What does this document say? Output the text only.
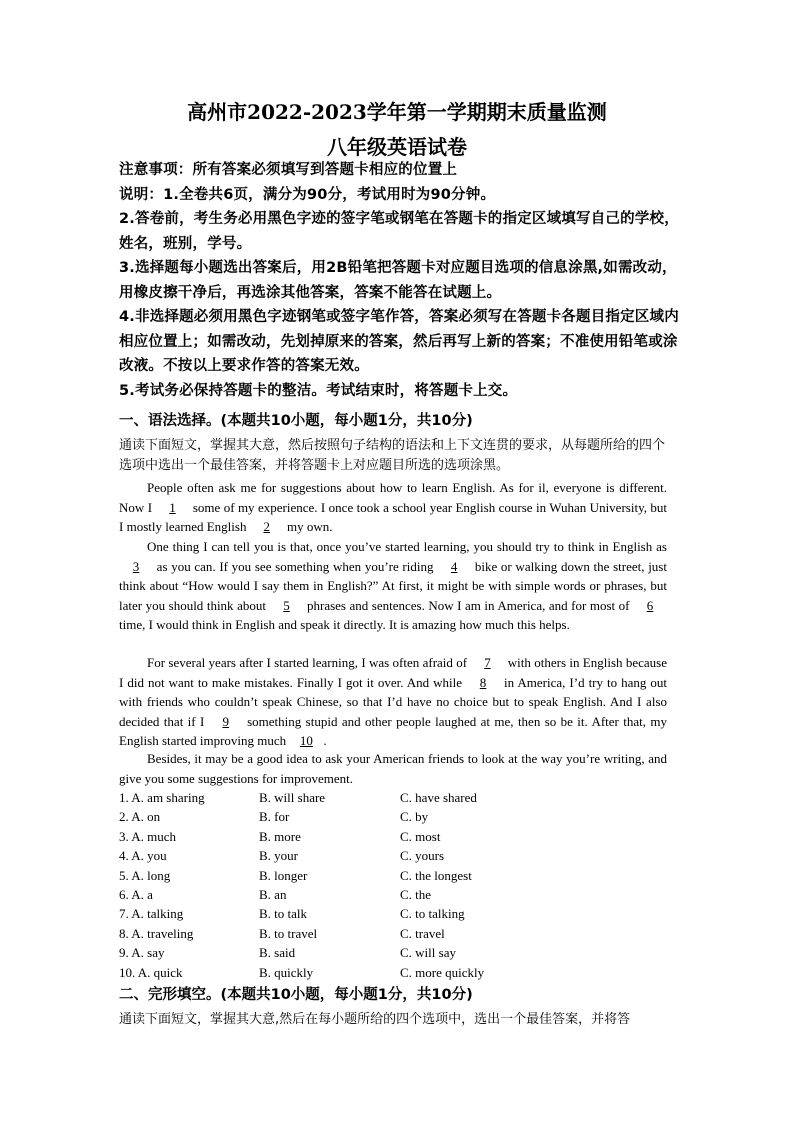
高州市2022-2023学年第一学期期末质量监测
八年级英语试卷
注意事项：所有答案必须填写到答题卡相应的位置上
说明：1.全卷共6页，满分为90分，考试用时为90分钟。
2.答卷前，考生务必用黑色字迹的签字笔或钢笔在答题卡的指定区域填写自己的学校，姓名，班别，学号。
3.选择题每小题选出答案后，用2B铅笔把答题卡对应题目选项的信息涂黑,如需改动，用橡皮擦干净后，再选涂其他答案，答案不能答在试题上。
4.非选择题必须用黑色字迹钢笔或签字笔作答，答案必须写在答题卡各题目指定区域内相应位置上；如需改动，先划掉原来的答案，然后再写上新的答案；不准使用铅笔或涂改液。不按以上要求作答的答案无效。
5.考试务必保持答题卡的整洁。考试结束时，将答题卡上交。
一、语法选择。(本题共10小题，每小题1分，共10分)
通读下面短文，掌握其大意，然后按照句子结构的语法和上下文连贯的要求，从每题所给的四个选项中选出一个最佳答案，并将答题卡上对应题目所选的选项涂黑。
People often ask me for suggestions about how to learn English. As for il, everyone is different. Now I 1 some of my experience. I once took a school year English course in Wuhan University, but I mostly learned English 2 my own.
One thing I can tell you is that, once you’ve started learning, you should try to think in English as 3 as you can. If you see something when you’re riding 4 bike or walking down the street, just think about “How would I say them in English?” At first, it might be with simple words or phrases, but later you should think about 5 phrases and sentences. Now I am in America, and for most of 6 time, I would think in English and speak it directly. It is amazing how much this helps.
For several years after I started learning, I was often afraid of 7 with others in English because I did not want to make mistakes. Finally I got it over. And while 8 in America, I’d try to hang out with friends who couldn’t speak Chinese, so that I’d have no choice but to speak English. And I also decided that if I 9 something stupid and other people laughed at me, then so be it. After that, my English started improving much 10 .
Besides, it may be a good idea to ask your American friends to look at the way you’re writing, and give you some suggestions for improvement.
1. A. am sharing	B. will share	C. have shared
2. A. on	B. for	C. by
3. A. much	B. more	C. most
4. A. you	B. your	C. yours
5. A. long	B. longer	C. the longest
6. A. a	B. an	C. the
7. A. talking	B. to talk	C. to talking
8. A. traveling	B. to travel	C. travel
9. A. say	B. said	C. will say
10. A. quick	B. quickly	C. more quickly
二、完形填空。(本题共10小题，每小题1分，共10分)
通读下面短文，掌握其大意,然后在每小题所给的四个选项中，选出一个最佳答案，并将答
